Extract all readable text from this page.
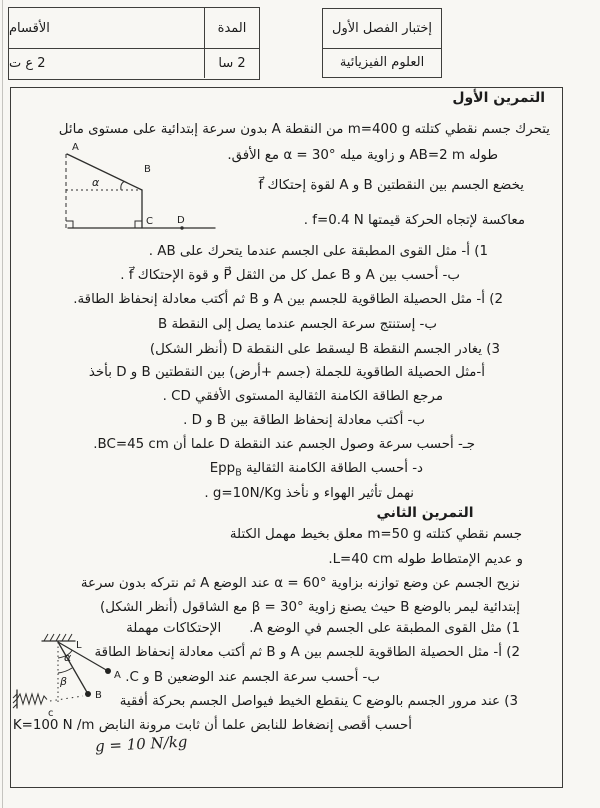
الأقسام	المدة
2 ع ت	2 سا
إختبار الفصل الأول
العلوم الفيزيائية
التمرين الأول
يتحرك جسم نقطي كتلته m=400 g من النقطة A بدون سرعة إبتدائية على مستوى مائل
طوله AB=2 m و زاوية ميله α = 30° مع الأفق.
A
B
α
C D
يخضع الجسم بين النقطتين B و A لقوة إحتكاك f⃗
معاكسة لإتجاه الحركة قيمتها f=0.4 N .
1) أ- مثل القوى المطبقة على الجسم عندما يتحرك على AB .
ب- أحسب بين A و B عمل كل من الثقل P⃗ و قوة الإحتكاك f⃗ .
2) أ- مثل الحصيلة الطاقوية للجسم بين A و B ثم أكتب معادلة إنحفاظ الطاقة.
ب- إستنتج سرعة الجسم عندما يصل إلى النقطة B
3) يغادر الجسم النقطة B ليسقط على النقطة D (أنظر الشكل)
أ-مثل الحصيلة الطاقوية للجملة (جسم +أرض) بين النقطتين B و D بأخذ
مرجع الطاقة الكامنة الثقالية المستوى الأفقي CD .
ب- أكتب معادلة إنحفاظ الطاقة بين B و D .
جـ- أحسب سرعة وصول الجسم عند النقطة D علما أن BC=45 cm.
د- أحسب الطاقة الكامنة الثقالية Epp$_B$
نهمل تأثير الهواء و نأخذ g=10N/Kg .
التمرين الثاني
جسم نقطي كتلته m=50 g معلق بخيط مهمل الكتلة
و عديم الإمتطاط طوله L=40 cm.
نزيح الجسم عن وضع توازنه بزاوية α = 60° عند الوضع A ثم نتركه بدون سرعة
إبتدائية ليمر بالوضع B حيث يصنع زاوية β = 30° مع الشاقول (أنظر الشكل)
1) مثل القوى المطبقة على الجسم في الوضع A.الإحتكاكات مهملة
2) أ- مثل الحصيلة الطاقوية للجسم بين A و B ثم أكتب معادلة إنحفاظ الطاقة
ب- أحسب سرعة الجسم عند الوضعين B و C.
3) عند مرور الجسم بالوضع C ينقطع الخيط فيواصل الجسم بحركة أفقية
أحسب أقصى إنضغاط للنابض علما أن ثابت مرونة النابض K=100 N /m
g = 10 N/kg
L
α
β	A
B
c
